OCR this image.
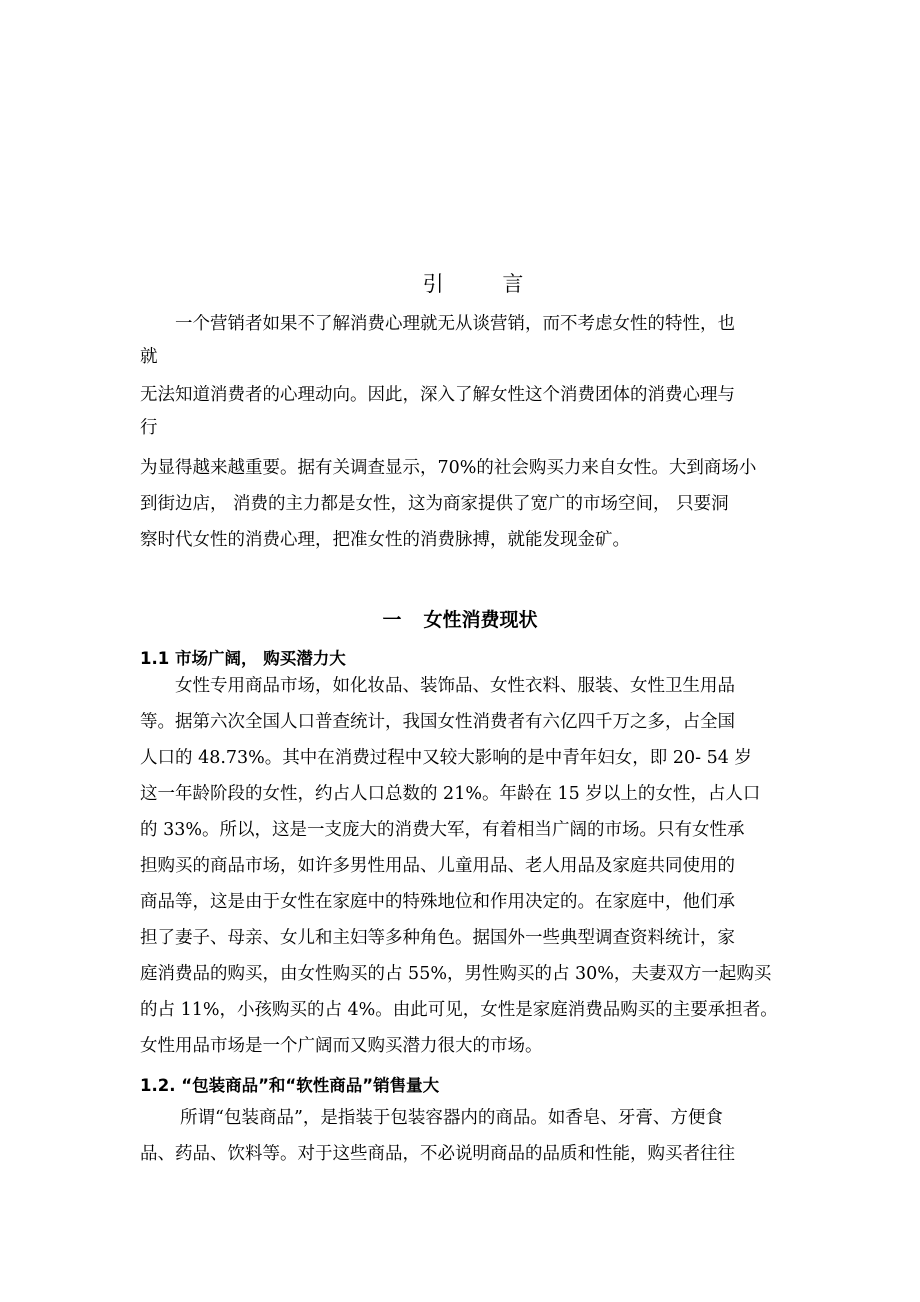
引 言
一个营销者如果不了解消费心理就无从谈营销，而不考虑女性的特性，也
就
无法知道消费者的心理动向。因此，深入了解女性这个消费团体的消费心理与
行
为显得越来越重要。据有关调查显示，70%的社会购买力来自女性。大到商场小
到街边店， 消费的主力都是女性，这为商家提供了宽广的市场空间， 只要洞
察时代女性的消费心理，把准女性的消费脉搏，就能发现金矿。
一 女性消费现状
1.1 市场广阔， 购买潜力大
女性专用商品市场，如化妆品、装饰品、女性衣料、服装、女性卫生用品
等。据第六次全国人口普查统计，我国女性消费者有六亿四千万之多，占全国
人口的 48.73%。其中在消费过程中又较大影响的是中青年妇女，即 20- 54 岁
这一年龄阶段的女性，约占人口总数的 21%。年龄在 15 岁以上的女性，占人口
的 33%。所以，这是一支庞大的消费大军，有着相当广阔的市场。只有女性承
担购买的商品市场，如许多男性用品、儿童用品、老人用品及家庭共同使用的
商品等，这是由于女性在家庭中的特殊地位和作用决定的。在家庭中，他们承
担了妻子、母亲、女儿和主妇等多种角色。据国外一些典型调查资料统计，家
庭消费品的购买，由女性购买的占 55%，男性购买的占 30%，夫妻双方一起购买
的占 11%，小孩购买的占 4%。由此可见，女性是家庭消费品购买的主要承担者。
女性用品市场是一个广阔而又购买潜力很大的市场。
1.2. “包装商品”和“软性商品”销售量大
所谓“包装商品”，是指装于包装容器内的商品。如香皂、牙膏、方便食
品、药品、饮料等。对于这些商品，不必说明商品的品质和性能，购买者往往
